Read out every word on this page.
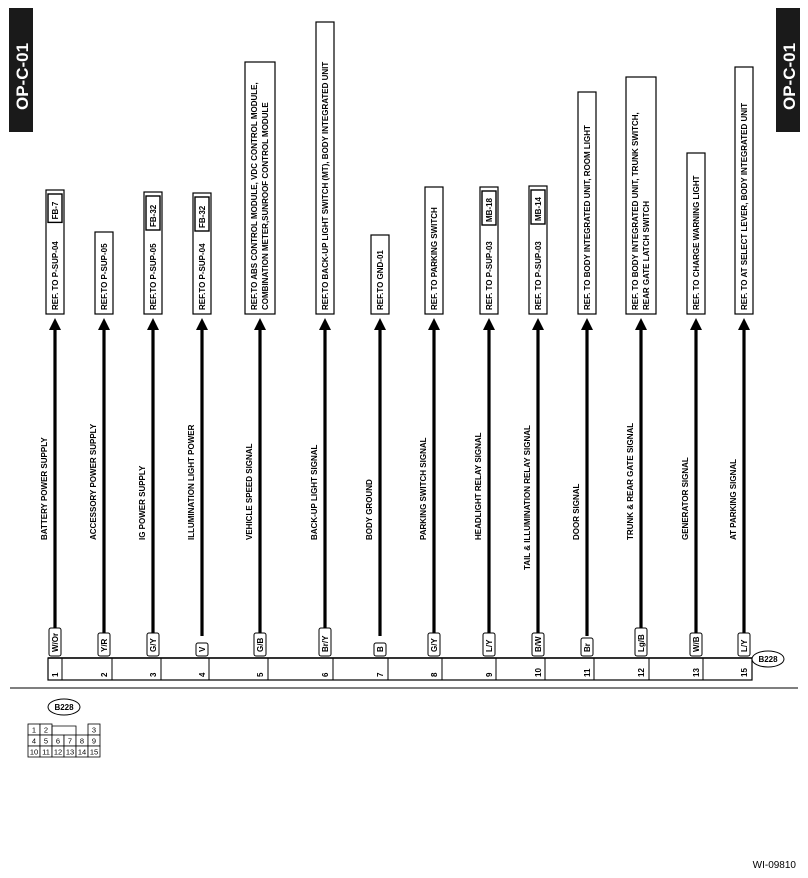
OP-C-01	OP-C-01
REF. TO P-SUP-04
FB-7
BATTERY POWER SUPPLY
W/Or
1
REF.TO P-SUP-05
ACCESSORY POWER SUPPLY
Y/R
2
REF.TO P-SUP-05
FB-32
IG POWER SUPPLY
G/Y
3
REF.TO P-SUP-04
FB-32
ILLUMINATION LIGHT POWER
V
4
REF.TO ABS CONTROL MODULE, VDC CONTROL MODULE, COMBINATION METER,SUNROOF CONTROL MODULE
VEHICLE SPEED SIGNAL
G/B
5
REF.TO BACK-UP LIGHT SWITCH (MT), BODY INTEGRATED UNIT
BACK-UP LIGHT SIGNAL
Br/Y
6
REF.TO GND-01
BODY GROUND
B
7
REF. TO PARKING SWITCH
PARKING SWITCH SIGNAL
G/Y
8
REF. TO P-SUP-03
MB-18
HEADLIGHT RELAY SIGNAL
L/Y
9
REF. TO P-SUP-03
MB-14
TAIL & ILLUMINATION RELAY SIGNAL
B/W
10
REF. TO BODY INTEGRATED UNIT, ROOM LIGHT
DOOR SIGNAL
Br
11
REF. TO BODY INTEGRATED UNIT, TRUNK SWITCH, REAR GATE LATCH SWITCH
TRUNK & REAR GATE SIGNAL
Lg/B
12
REF. TO CHARGE WARNING LIGHT
GENERATOR SIGNAL
W/B
13
REF. TO AT SELECT LEVER, BODY INTEGRATED UNIT
AT PARKING SIGNAL
L/Y
15
B228
B228
1 2	3
4 5 6 7 8 9
10 11 12 13 14 15
WI-09810
